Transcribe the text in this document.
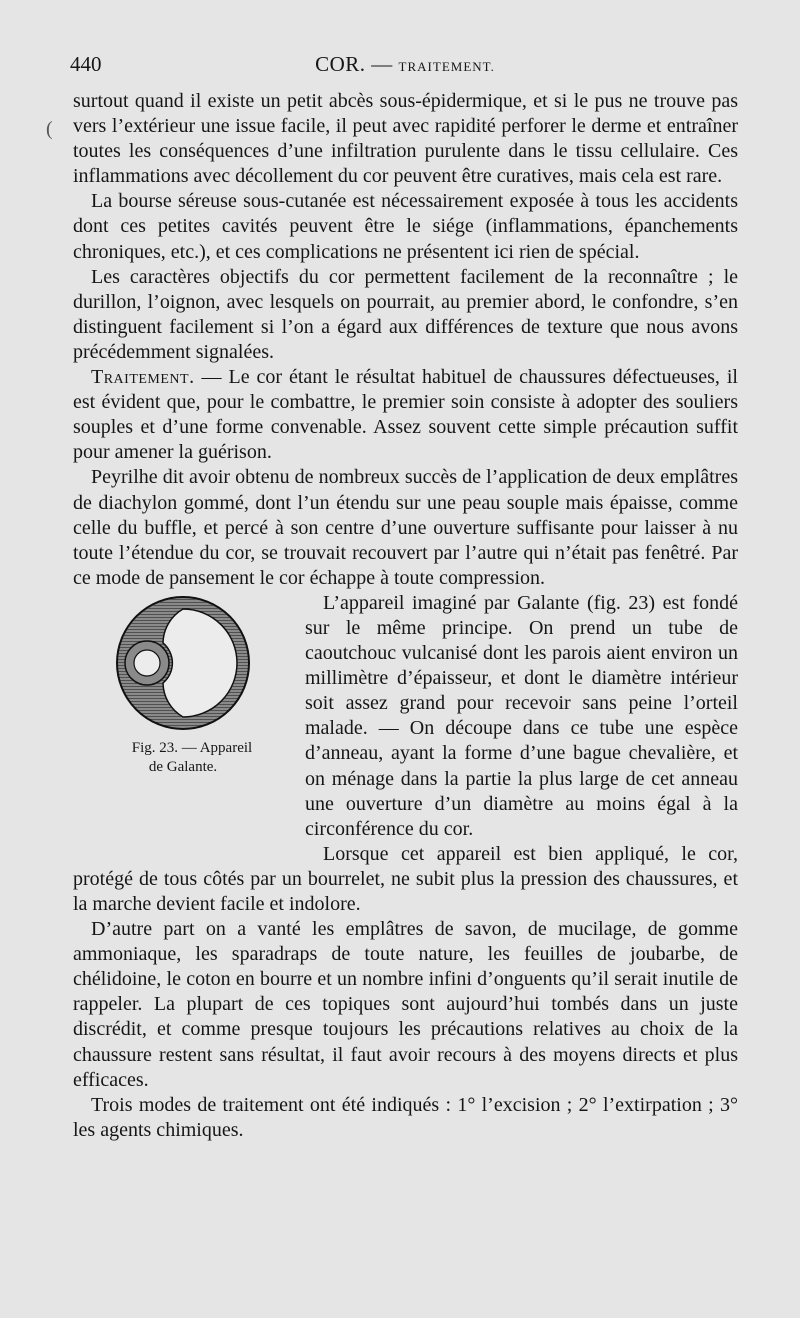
440	COR. — TRAITEMENT.
(

surtout quand il existe un petit abcès sous-épidermique, et si le pus ne trouve pas vers l’extérieur une issue facile, il peut avec rapidité perforer le derme et entraîner toutes les conséquences d’une infiltration purulente dans le tissu cellulaire. Ces inflammations avec décollement du cor peuvent être curatives, mais cela est rare.

La bourse séreuse sous-cutanée est nécessairement exposée à tous les accidents dont ces petites cavités peuvent être le siége (inflammations, épanchements chroniques, etc.), et ces complications ne présentent ici rien de spécial.

Les caractères objectifs du cor permettent facilement de la reconnaître ; le durillon, l’oignon, avec lesquels on pourrait, au premier abord, le confondre, s’en distinguent facilement si l’on a égard aux différences de texture que nous avons précédemment signalées.

Traitement. — Le cor étant le résultat habituel de chaussures défectueuses, il est évident que, pour le combattre, le premier soin consiste à adopter des souliers souples et d’une forme convenable. Assez souvent cette simple précaution suffit pour amener la guérison.

Peyrilhe dit avoir obtenu de nombreux succès de l’application de deux emplâtres de diachylon gommé, dont l’un étendu sur une peau souple mais épaisse, comme celle du buffle, et percé à son centre d’une ouverture suffisante pour laisser à nu toute l’étendue du cor, se trouvait recouvert par l’autre qui n’était pas fenêtré. Par ce mode de pansement le cor échappe à toute compression.

Fig. 23. — Appareil
de Galante.
L’appareil imaginé par Galante (fig. 23) est fondé sur le même principe. On prend un tube de caoutchouc vulcanisé dont les parois aient environ un millimètre d’épaisseur, et dont le diamètre intérieur soit assez grand pour recevoir sans peine l’orteil malade. — On découpe dans ce tube une espèce d’anneau, ayant la forme d’une bague chevalière, et on ménage dans la partie la plus large de cet anneau une ouverture d’un diamètre au moins égal à la circonférence du cor.

Lorsque cet appareil est bien appliqué, le cor, protégé de tous côtés par un bourrelet, ne subit plus la pression des chaussures, et la marche devient facile et indolore.

D’autre part on a vanté les emplâtres de savon, de mucilage, de gomme ammoniaque, les sparadraps de toute nature, les feuilles de joubarbe, de chélidoine, le coton en bourre et un nombre infini d’onguents qu’il serait inutile de rappeler. La plupart de ces topiques sont aujourd’hui tombés dans un juste discrédit, et comme presque toujours les précautions relatives au choix de la chaussure restent sans résultat, il faut avoir recours à des moyens directs et plus efficaces.

Trois modes de traitement ont été indiqués : 1° l’excision ; 2° l’extirpation ; 3° les agents chimiques.
